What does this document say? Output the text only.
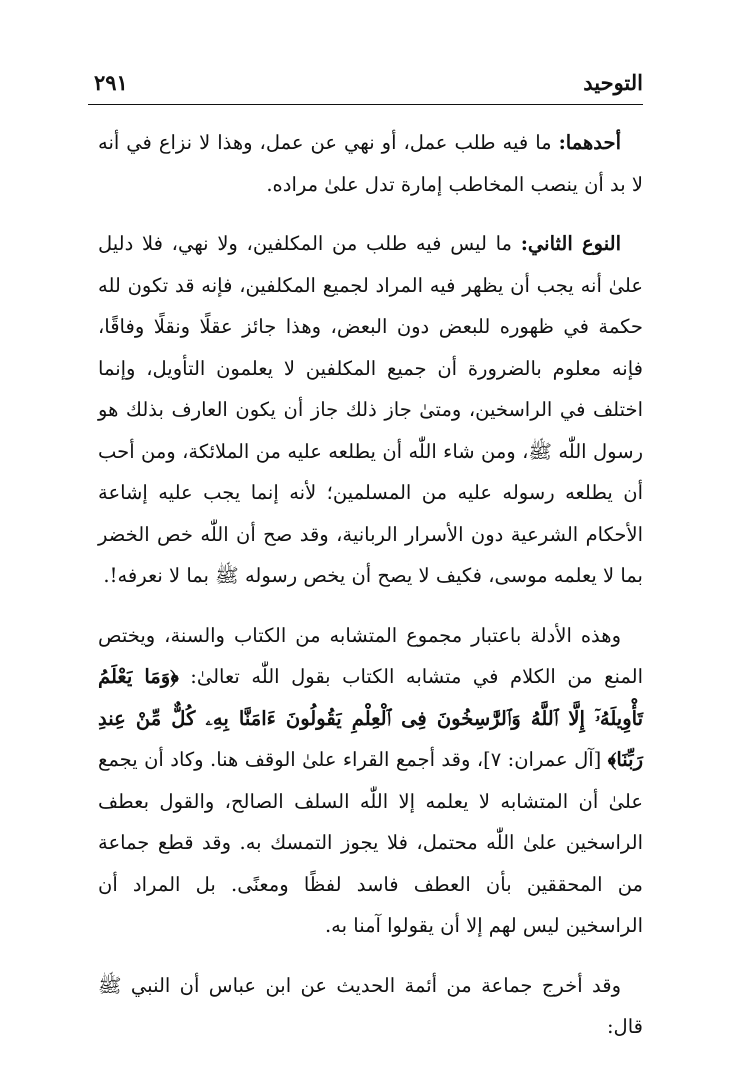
التوحيد
٢٩١

أحدهما: ما فيه طلب عمل، أو نهي عن عمل، وهذا لا نزاع في أنه لا بد أن ينصب المخاطب إمارة تدل علىٰ مراده.

النوع الثاني: ما ليس فيه طلب من المكلفين، ولا نهي، فلا دليل علىٰ أنه يجب أن يظهر فيه المراد لجميع المكلفين، فإنه قد تكون لله حكمة في ظهوره للبعض دون البعض، وهذا جائز عقلًا ونقلًا وفاقًا، فإنه معلوم بالضرورة أن جميع المكلفين لا يعلمون التأويل، وإنما اختلف في الراسخين، ومتىٰ جاز ذلك جاز أن يكون العارف بذلك هو رسول اللّٰه ﷺ، ومن شاء اللّٰه أن يطلعه عليه من الملائكة، ومن أحب أن يطلعه رسوله عليه من المسلمين؛ لأنه إنما يجب عليه إشاعة الأحكام الشرعية دون الأسرار الربانية، وقد صح أن اللّٰه خص الخضر بما لا يعلمه موسى، فكيف لا يصح أن يخص رسوله ﷺ بما لا نعرفه!.

وهذه الأدلة باعتبار مجموع المتشابه من الكتاب والسنة، ويختص المنع من الكلام في متشابه الكتاب بقول اللّٰه تعالىٰ: ﴿وَمَا يَعْلَمُ تَأْوِيلَهُۥٓ إِلَّا ٱللَّهُ وَٱلرَّٰسِخُونَ فِى ٱلْعِلْمِ يَقُولُونَ ءَامَنَّا بِهِۦ كُلٌّ مِّنْ عِندِ رَبِّنَا﴾ [آل عمران: ٧]، وقد أجمع القراء علىٰ الوقف هنا. وكاد أن يجمع علىٰ أن المتشابه لا يعلمه إلا اللّٰه السلف الصالح، والقول بعطف الراسخين علىٰ اللّٰه محتمل، فلا يجوز التمسك به. وقد قطع جماعة من المحققين بأن العطف فاسد لفظًا ومعنًى. بل المراد أن الراسخين ليس لهم إلا أن يقولوا آمنا به.

وقد أخرج جماعة من أئمة الحديث عن ابن عباس أن النبي ﷺ قال:
